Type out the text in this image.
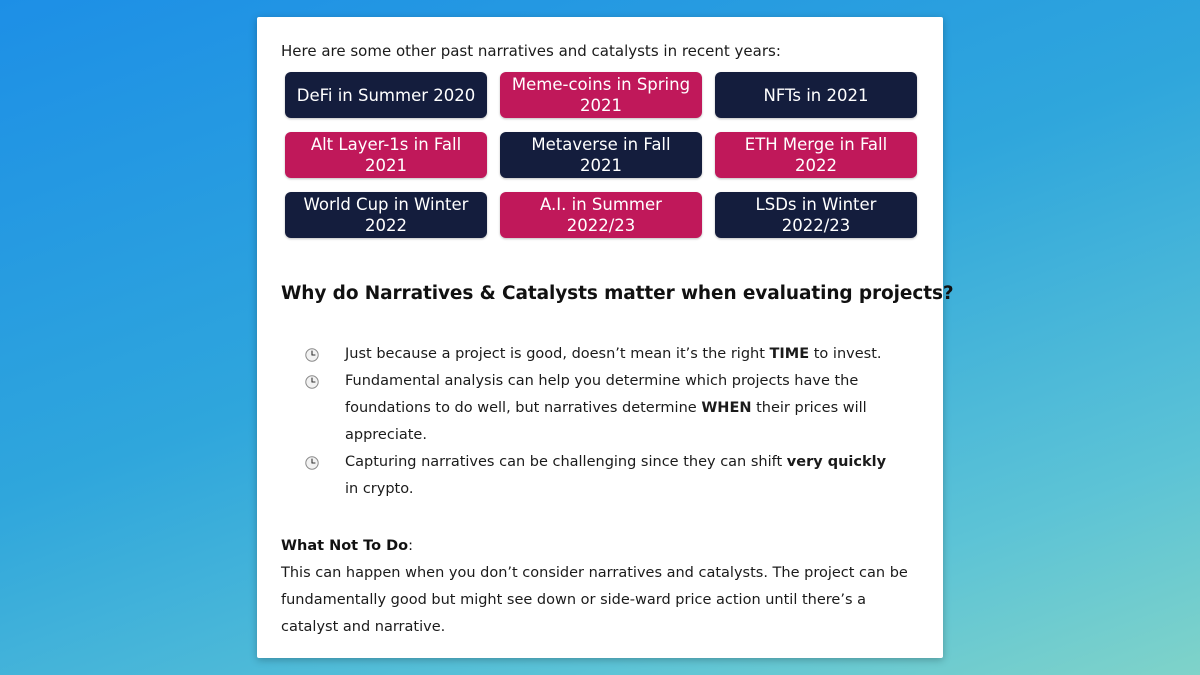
Here are some other past narratives and catalysts in recent years:
DeFi in Summer 2020
Meme-coins in Spring 2021
NFTs in 2021
Alt Layer-1s in Fall 2021
Metaverse in Fall 2021
ETH Merge in Fall 2022
World Cup in Winter 2022
A.I. in Summer 2022/23
LSDs in Winter 2022/23
Why do Narratives & Catalysts matter when evaluating projects?
Just because a project is good, doesn’t mean it’s the right TIME to invest.
Fundamental analysis can help you determine which projects have the foundations to do well, but narratives determine WHEN their prices will appreciate.
Capturing narratives can be challenging since they can shift very quickly in crypto.
What Not To Do:
This can happen when you don’t consider narratives and catalysts. The project can be fundamentally good but might see down or side-ward price action until there’s a catalyst and narrative.
